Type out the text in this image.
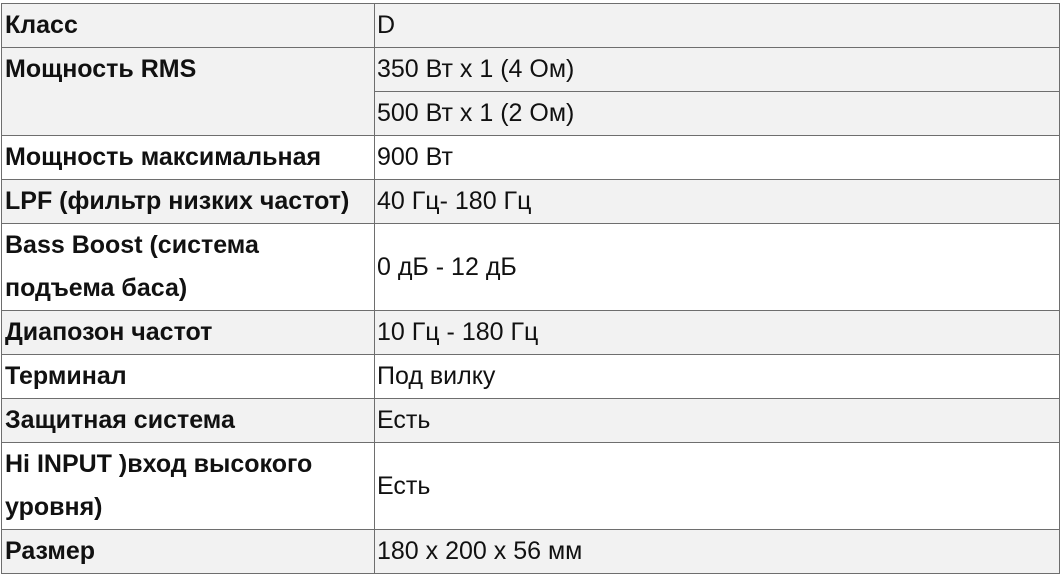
Класс	D
Мощность RMS	350 Вт х 1 (4 Ом)
	500 Вт х 1 (2 Ом)
Мощность максимальная	900 Вт
LPF (фильтр низких частот)	40 Гц- 180 Гц
Bass Boost (система подъема баса)	0 дБ - 12 дБ
Диапозон частот	10 Гц - 180 Гц
Терминал	Под вилку
Защитная система	Есть
Hi INPUT )вход высокого уровня)	Есть
Размер	180 х 200 х 56 мм
